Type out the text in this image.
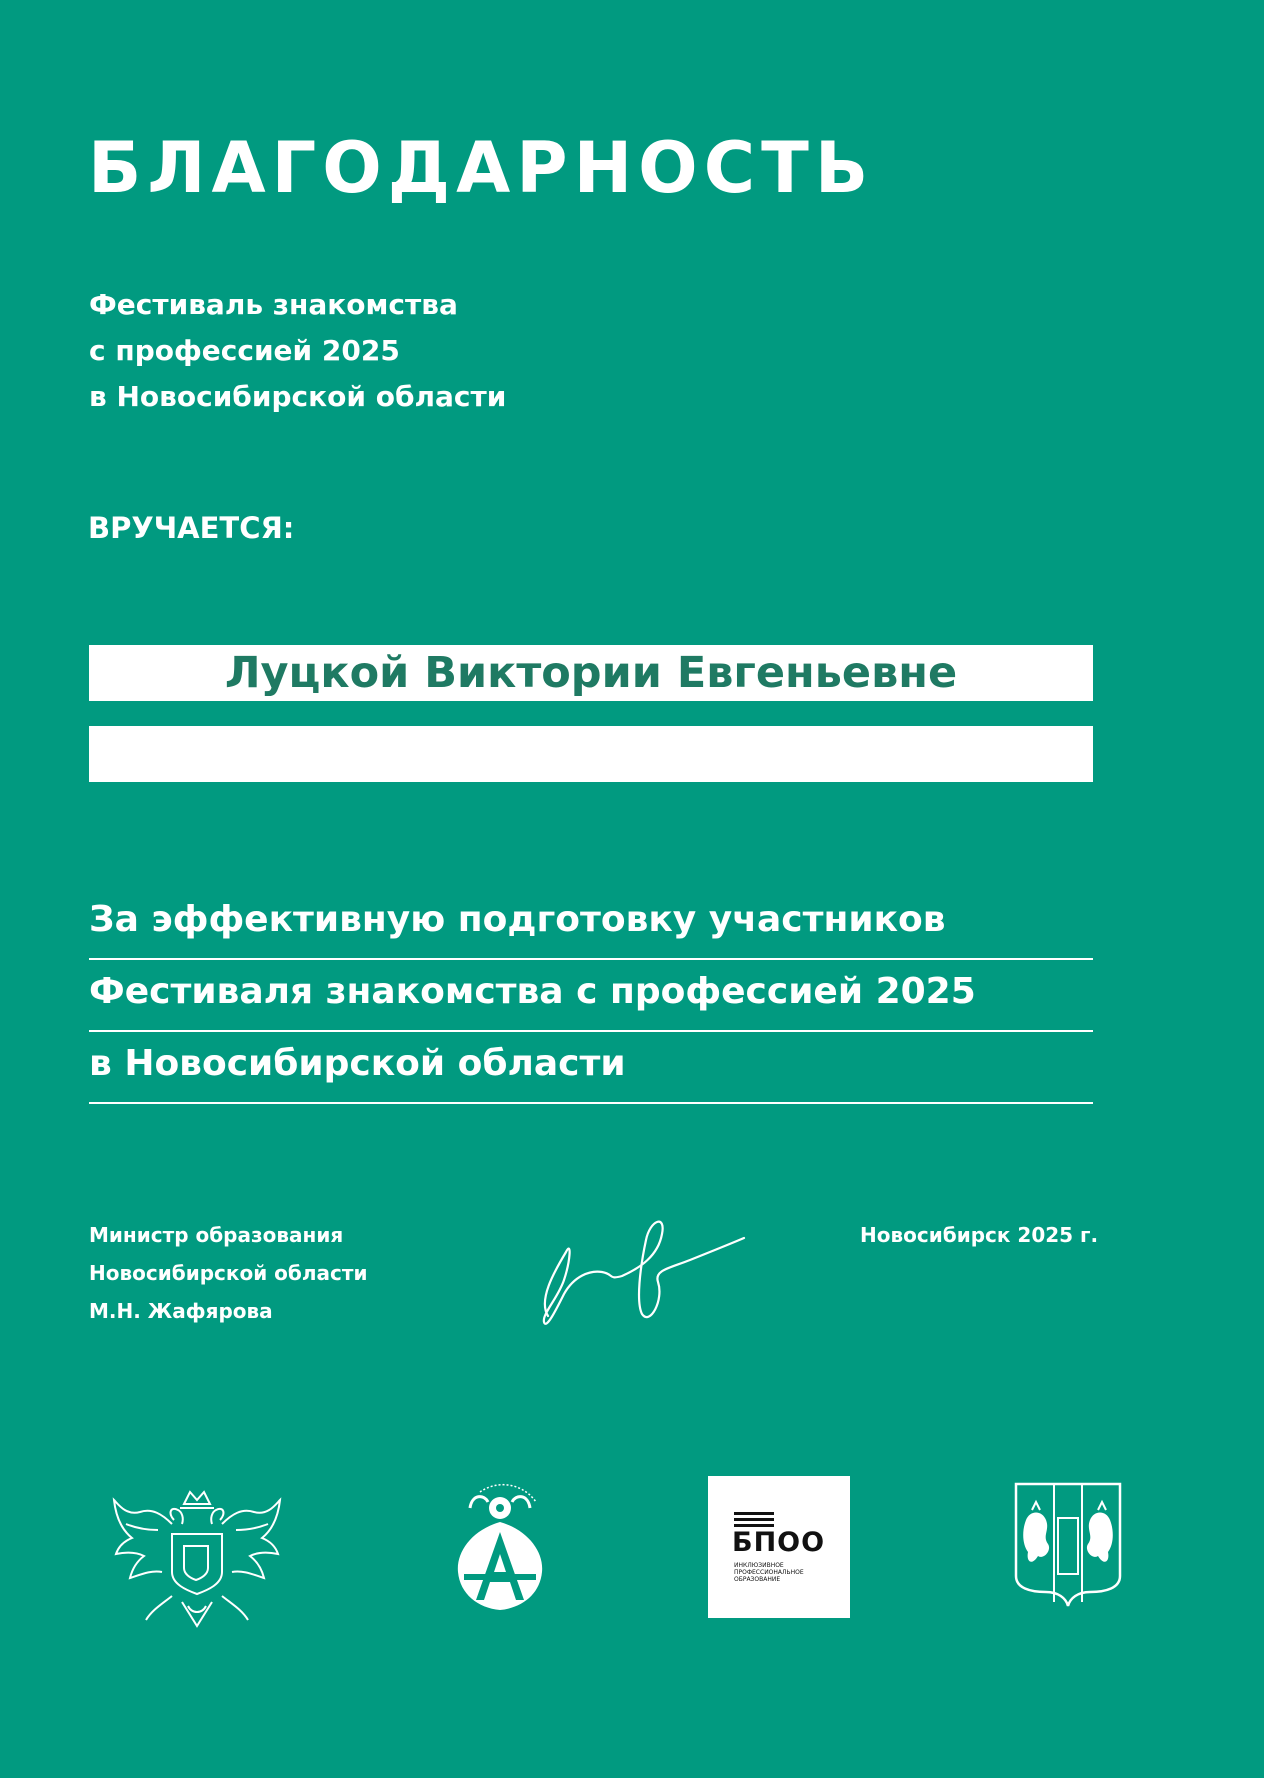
БЛАГОДАРНОСТЬ
Фестиваль знакомства
с профессией 2025
в Новосибирской области
ВРУЧАЕТСЯ:
Луцкой Виктории Евгеньевне
За эффективную подготовку участников
Фестиваля знакомства с профессией 2025
в Новосибирской области
Министр образования
Новосибирской области
М.Н. Жафярова
Новосибирск 2025 г.
БПОО
ИНКЛЮЗИВНОЕ ПРОФЕССИОНАЛЬНОЕ ОБРАЗОВАНИЕ
